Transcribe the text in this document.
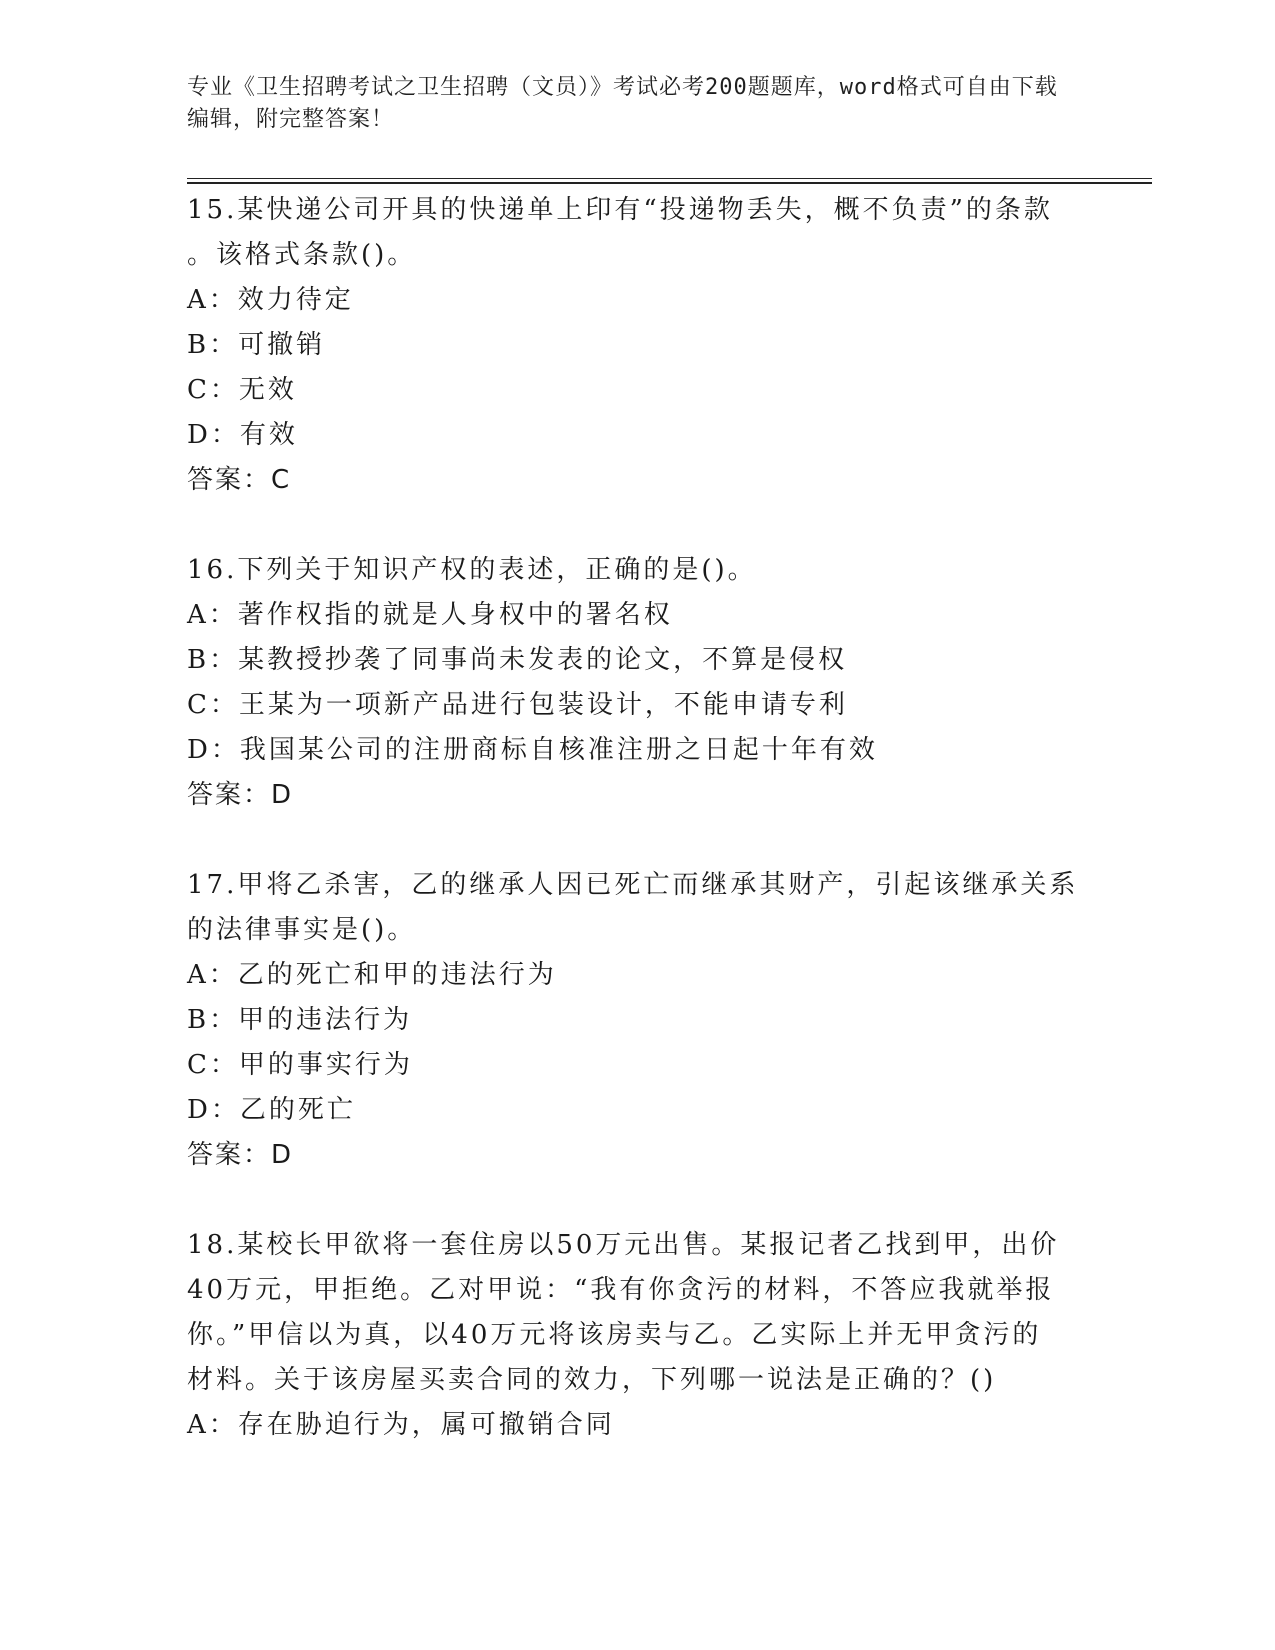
专业《卫生招聘考试之卫生招聘（文员）》考试必考200题题库，word格式可自由下载编辑，附完整答案！

15.某快递公司开具的快递单上印有“投递物丢失，概不负责”的条款

。该格式条款()。

A：效力待定

B：可撤销

C：无效

D：有效

答案：C

16.下列关于知识产权的表述，正确的是()。

A：著作权指的就是人身权中的署名权

B：某教授抄袭了同事尚未发表的论文，不算是侵权

C：王某为一项新产品进行包装设计，不能申请专利

D：我国某公司的注册商标自核准注册之日起十年有效

答案：D

17.甲将乙杀害，乙的继承人因已死亡而继承其财产，引起该继承关系

的法律事实是()。

A：乙的死亡和甲的违法行为

B：甲的违法行为

C：甲的事实行为

D：乙的死亡

答案：D

18.某校长甲欲将一套住房以50万元出售。某报记者乙找到甲，出价

40万元，甲拒绝。乙对甲说：“我有你贪污的材料，不答应我就举报

你。”甲信以为真，以40万元将该房卖与乙。乙实际上并无甲贪污的

材料。关于该房屋买卖合同的效力，下列哪一说法是正确的？()

A：存在胁迫行为，属可撤销合同
